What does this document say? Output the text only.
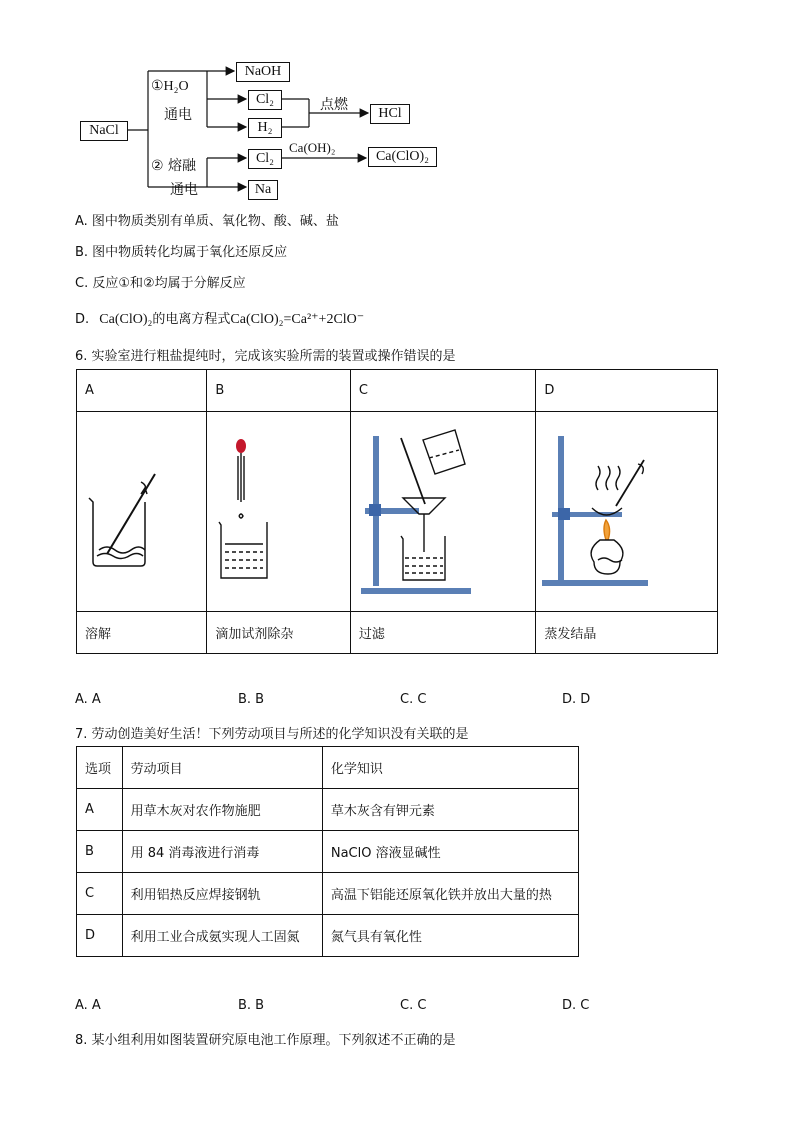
NaCl
①H₂O
通电
NaOH
Cl₂
H₂
点燃
HCl
② 熔融
通电
Cl₂
Ca(OH)₂
Ca(ClO)₂
Na
A. 图中物质类别有单质、氧化物、酸、碱、盐
B. 图中物质转化均属于氧化还原反应
C. 反应①和②均属于分解反应
D. Ca(ClO)₂的电离方程式Ca(ClO)₂=Ca²⁺+2ClO⁻
6. 实验室进行粗盐提纯时，完成该实验所需的装置或操作错误的是
A	B	C	D

溶解	滴加试剂除杂	过滤	蒸发结晶
A. A	B. B	C. C	D. D
7. 劳动创造美好生活！下列劳动项目与所述的化学知识没有关联的是
选项	劳动项目	化学知识
A	用草木灰对农作物施肥	草木灰含有钾元素
B	用 84 消毒液进行消毒	NaClO 溶液显碱性
C	利用铝热反应焊接钢轨	高温下铝能还原氧化铁并放出大量的热
D	利用工业合成氨实现人工固氮	氮气具有氧化性
A. A	B. B	C. C	D. C
8. 某小组利用如图装置研究原电池工作原理。下列叙述不正确的是
